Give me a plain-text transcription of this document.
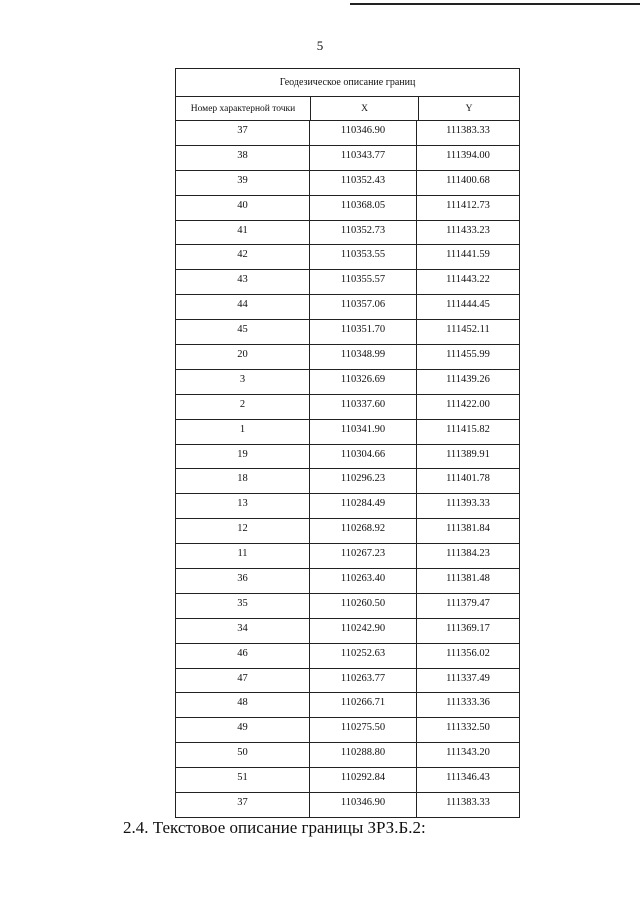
5
Геодезическое описание границ
Номер характерной точки	X	Y
37	110346.90	111383.33
38	110343.77	111394.00
39	110352.43	111400.68
40	110368.05	111412.73
41	110352.73	111433.23
42	110353.55	111441.59
43	110355.57	111443.22
44	110357.06	111444.45
45	110351.70	111452.11
20	110348.99	111455.99
3	110326.69	111439.26
2	110337.60	111422.00
1	110341.90	111415.82
19	110304.66	111389.91
18	110296.23	111401.78
13	110284.49	111393.33
12	110268.92	111381.84
11	110267.23	111384.23
36	110263.40	111381.48
35	110260.50	111379.47
34	110242.90	111369.17
46	110252.63	111356.02
47	110263.77	111337.49
48	110266.71	111333.36
49	110275.50	111332.50
50	110288.80	111343.20
51	110292.84	111346.43
37	110346.90	111383.33
2.4. Текстовое описание границы ЗРЗ.Б.2:
